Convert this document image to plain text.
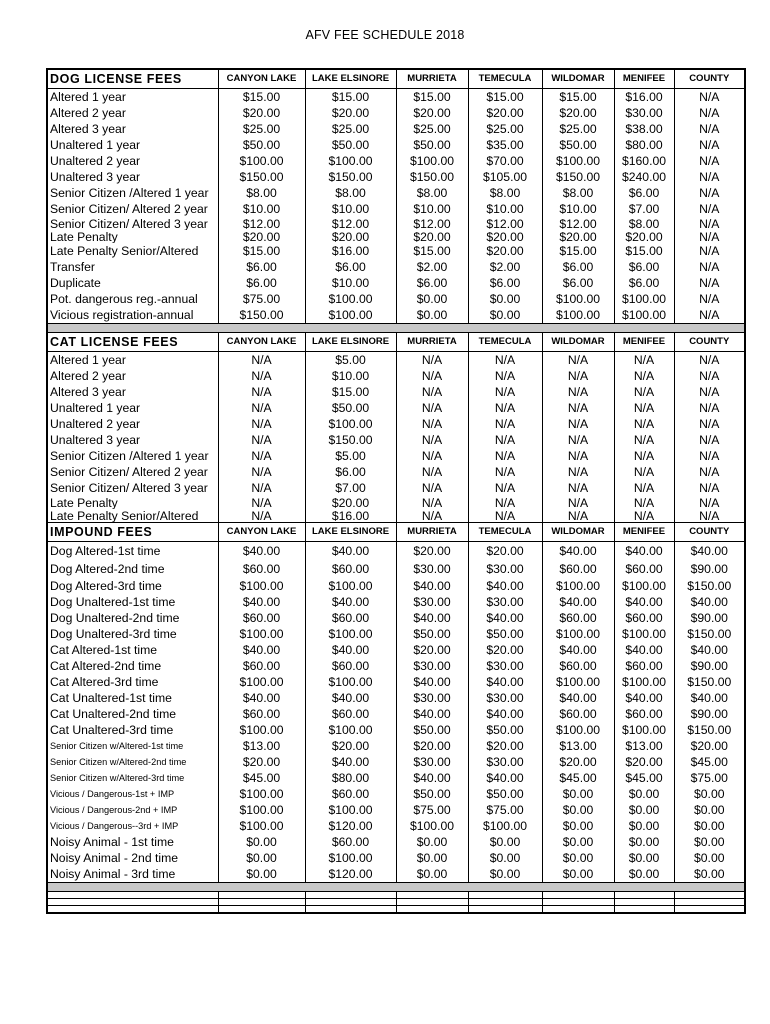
AFV FEE SCHEDULE 2018
DOG LICENSE FEES	CANYON LAKE	LAKE ELSINORE	MURRIETA	TEMECULA	WILDOMAR	MENIFEE	COUNTY
Altered 1 year	$15.00	$15.00	$15.00	$15.00	$15.00	$16.00	N/A
Altered 2 year	$20.00	$20.00	$20.00	$20.00	$20.00	$30.00	N/A
Altered 3 year	$25.00	$25.00	$25.00	$25.00	$25.00	$38.00	N/A
Unaltered 1 year	$50.00	$50.00	$50.00	$35.00	$50.00	$80.00	N/A
Unaltered 2 year	$100.00	$100.00	$100.00	$70.00	$100.00	$160.00	N/A
Unaltered 3 year	$150.00	$150.00	$150.00	$105.00	$150.00	$240.00	N/A
Senior Citizen /Altered 1 year	$8.00	$8.00	$8.00	$8.00	$8.00	$6.00	N/A
Senior Citizen/ Altered 2 year	$10.00	$10.00	$10.00	$10.00	$10.00	$7.00	N/A
Senior Citizen/ Altered 3 year	$12.00	$12.00	$12.00	$12.00	$12.00	$8.00	N/A
Late Penalty	$20.00	$20.00	$20.00	$20.00	$20.00	$20.00	N/A
Late Penalty Senior/Altered	$15.00	$16.00	$15.00	$20.00	$15.00	$15.00	N/A
Transfer	$6.00	$6.00	$2.00	$2.00	$6.00	$6.00	N/A
Duplicate	$6.00	$10.00	$6.00	$6.00	$6.00	$6.00	N/A
Pot. dangerous reg.-annual	$75.00	$100.00	$0.00	$0.00	$100.00	$100.00	N/A
Vicious registration-annual	$150.00	$100.00	$0.00	$0.00	$100.00	$100.00	N/A

CAT LICENSE FEES	CANYON LAKE	LAKE ELSINORE	MURRIETA	TEMECULA	WILDOMAR	MENIFEE	COUNTY
Altered 1 year	N/A	$5.00	N/A	N/A	N/A	N/A	N/A
Altered 2 year	N/A	$10.00	N/A	N/A	N/A	N/A	N/A
Altered 3 year	N/A	$15.00	N/A	N/A	N/A	N/A	N/A
Unaltered 1 year	N/A	$50.00	N/A	N/A	N/A	N/A	N/A
Unaltered 2 year	N/A	$100.00	N/A	N/A	N/A	N/A	N/A
Unaltered 3 year	N/A	$150.00	N/A	N/A	N/A	N/A	N/A
Senior Citizen /Altered 1 year	N/A	$5.00	N/A	N/A	N/A	N/A	N/A
Senior Citizen/ Altered 2 year	N/A	$6.00	N/A	N/A	N/A	N/A	N/A
Senior Citizen/ Altered 3 year	N/A	$7.00	N/A	N/A	N/A	N/A	N/A
Late Penalty	N/A	$20.00	N/A	N/A	N/A	N/A	N/A
Late Penalty Senior/Altered	N/A	$16.00	N/A	N/A	N/A	N/A	N/A
IMPOUND FEES	CANYON LAKE	LAKE ELSINORE	MURRIETA	TEMECULA	WILDOMAR	MENIFEE	COUNTY
Dog Altered-1st time	$40.00	$40.00	$20.00	$20.00	$40.00	$40.00	$40.00
Dog Altered-2nd time	$60.00	$60.00	$30.00	$30.00	$60.00	$60.00	$90.00
Dog Altered-3rd time	$100.00	$100.00	$40.00	$40.00	$100.00	$100.00	$150.00
Dog Unaltered-1st time	$40.00	$40.00	$30.00	$30.00	$40.00	$40.00	$40.00
Dog Unaltered-2nd time	$60.00	$60.00	$40.00	$40.00	$60.00	$60.00	$90.00
Dog Unaltered-3rd time	$100.00	$100.00	$50.00	$50.00	$100.00	$100.00	$150.00
Cat Altered-1st time	$40.00	$40.00	$20.00	$20.00	$40.00	$40.00	$40.00
Cat Altered-2nd time	$60.00	$60.00	$30.00	$30.00	$60.00	$60.00	$90.00
Cat Altered-3rd time	$100.00	$100.00	$40.00	$40.00	$100.00	$100.00	$150.00
Cat Unaltered-1st time	$40.00	$40.00	$30.00	$30.00	$40.00	$40.00	$40.00
Cat Unaltered-2nd time	$60.00	$60.00	$40.00	$40.00	$60.00	$60.00	$90.00
Cat Unaltered-3rd time	$100.00	$100.00	$50.00	$50.00	$100.00	$100.00	$150.00
Senior Citizen w/Altered-1st time	$13.00	$20.00	$20.00	$20.00	$13.00	$13.00	$20.00
Senior Citizen w/Altered-2nd time	$20.00	$40.00	$30.00	$30.00	$20.00	$20.00	$45.00
Senior Citizen w/Altered-3rd time	$45.00	$80.00	$40.00	$40.00	$45.00	$45.00	$75.00
Vicious / Dangerous-1st + IMP	$100.00	$60.00	$50.00	$50.00	$0.00	$0.00	$0.00
Vicious / Dangerous-2nd + IMP	$100.00	$100.00	$75.00	$75.00	$0.00	$0.00	$0.00
Vicious / Dangerous--3rd + IMP	$100.00	$120.00	$100.00	$100.00	$0.00	$0.00	$0.00
Noisy Animal - 1st time	$0.00	$60.00	$0.00	$0.00	$0.00	$0.00	$0.00
Noisy Animal - 2nd time	$0.00	$100.00	$0.00	$0.00	$0.00	$0.00	$0.00
Noisy Animal - 3rd time	$0.00	$120.00	$0.00	$0.00	$0.00	$0.00	$0.00
